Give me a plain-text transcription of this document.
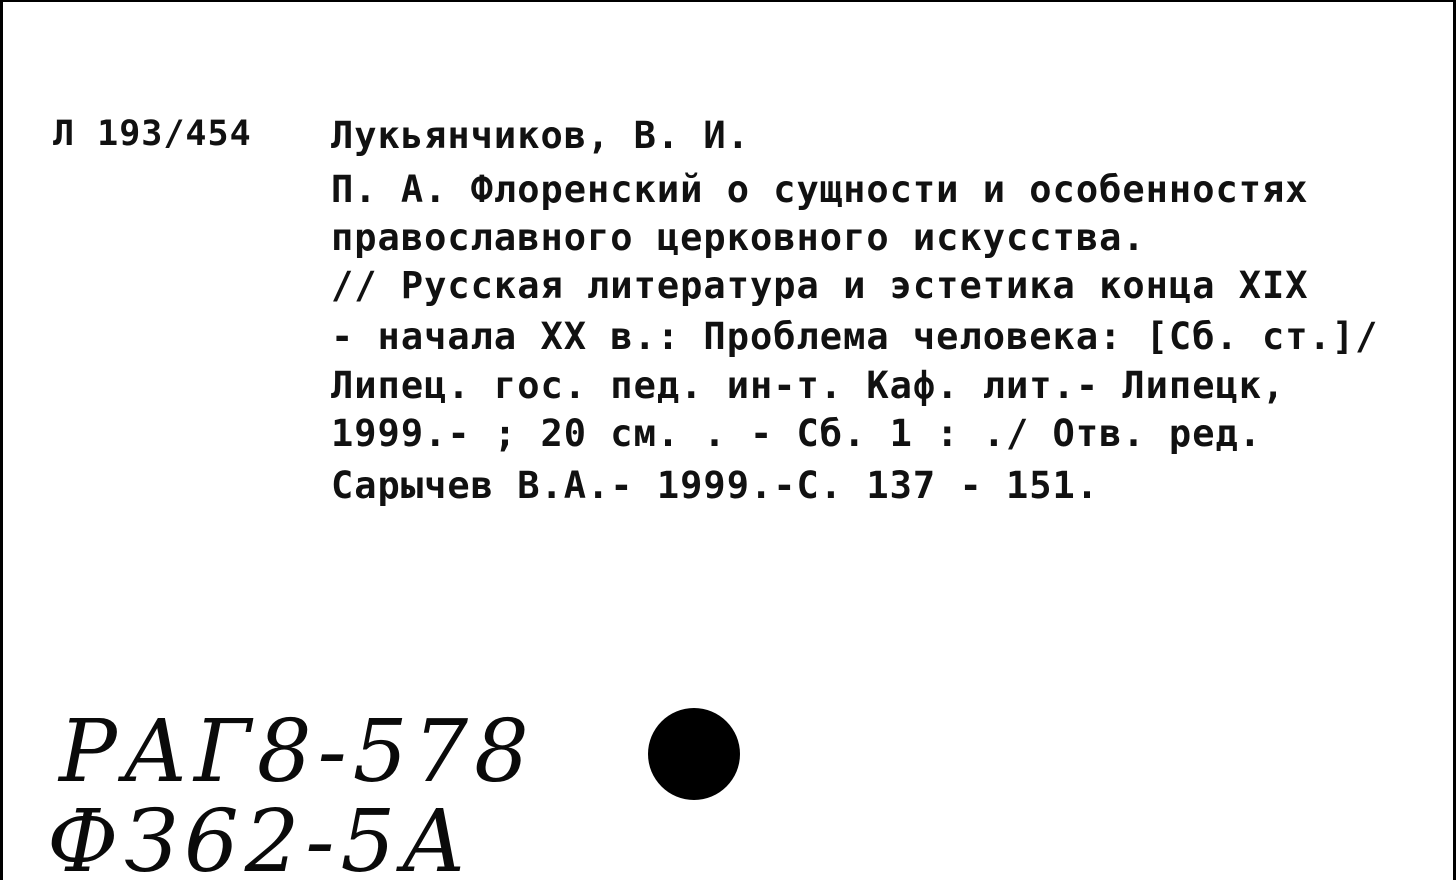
Л 193/454 Лукьянчиков, В. И.
П. А. Флоренский о сущности и особенностях
православного церковного искусства.
// Русская литература и эстетика конца XIX
- начала XX в.: Проблема человека: [Сб. ст.]/
Липец. гос. пед. ин-т. Каф. лит.- Липецк,
1999.- ; 20 см. . - Сб. 1 : ./ Отв. ред.
Сарычев В.А.- 1999.-С. 137 - 151.
РАГ8-578
ФЗ62-5А
